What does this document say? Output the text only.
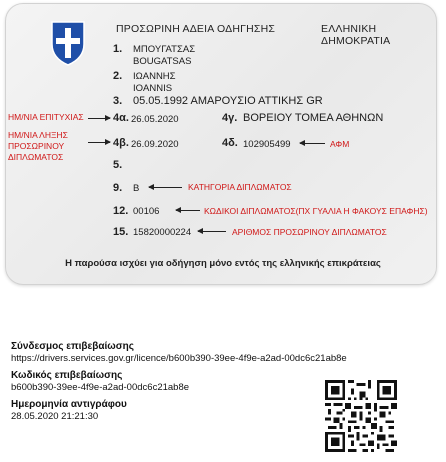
ΠΡΟΣΩΡΙΝΗ ΑΔΕΙΑ ΟΔΗΓΗΣΗΣ	ΕΛΛΗΝΙΚΗ ΔΗΜΟΚΡΑΤΙΑ
1. ΜΠΟΥΓΑΤΣΑΣ
BOUGATSAS
2. ΙΩΑΝΝΗΣ
IOANNIS
3. 05.05.1992 ΑΜΑΡΟΥΣΙΟ ΑΤΤΙΚΗΣ GR
ΗΜ/ΝΙΑ ΕΠΙΤΥΧΙΑΣ	4α. 26.05.2020	4γ. ΒΟΡΕΙΟΥ ΤΟΜΕΑ ΑΘΗΝΩΝ
ΗΜ/ΝΙΑ ΛΗΞΗΣ
ΠΡΟΣΩΡΙΝΟΥ
ΔΙΠΛΩΜΑΤΟΣ
4β. 26.09.2020	4δ. 102905499	ΑΦΜ
5.
9. B	ΚΑΤΗΓΟΡΙΑ ΔΙΠΛΩΜΑΤΟΣ
12. 00106	ΚΩΔΙΚΟΙ ΔΙΠΛΩΜΑΤΟΣ(ΠΧ ΓΥΑΛΙΑ Η ΦΑΚΟΥΣ ΕΠΑΦΗΣ)
15. 15820000224	ΑΡΙΘΜΟΣ ΠΡΟΣΩΡΙΝΟΥ ΔΙΠΛΩΜΑΤΟΣ
Η παρούσα ισχύει για οδήγηση μόνο εντός της ελληνικής επικράτειας
Σύνδεσμος επιβεβαίωσης
https://drivers.services.gov.gr/licence/b600b390-39ee-4f9e-a2ad-00dc6c21ab8e
Κωδικός επιβεβαίωσης
b600b390-39ee-4f9e-a2ad-00dc6c21ab8e
Ημερομηνία αντιγράφου
28.05.2020 21:21:30
